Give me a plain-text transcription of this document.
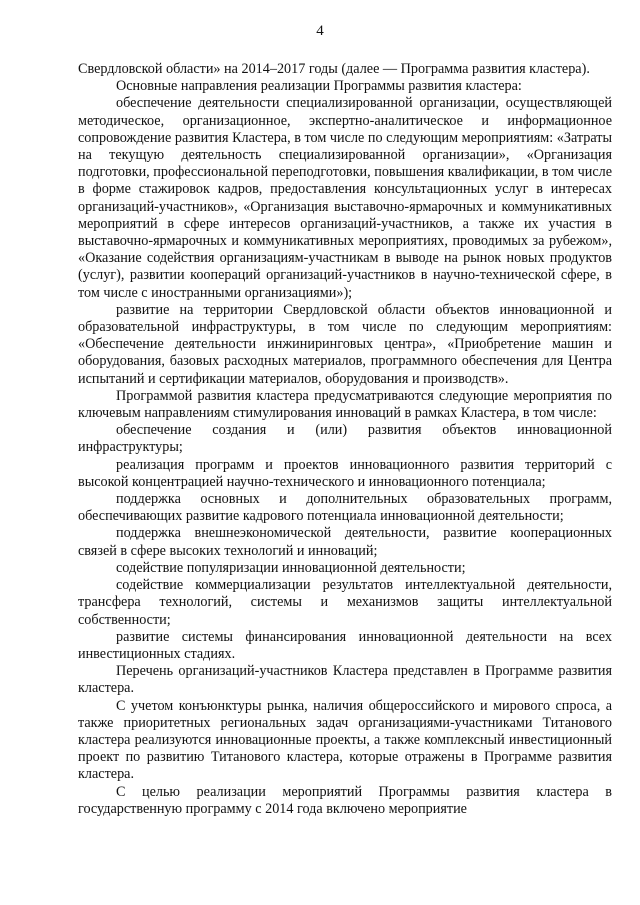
4

Свердловской области» на 2014–2017 годы (далее — Программа развития кластера).

Основные направления реализации Программы развития кластера:

обеспечение деятельности специализированной организации, осуществляющей методическое, организационное, экспертно-аналитическое и информационное сопровождение развития Кластера, в том числе по следующим мероприятиям: «Затраты на текущую деятельность специализированной организации», «Организация подготовки, профессиональной переподготовки, повышения квалификации, в том числе в форме стажировок кадров, предоставления консультационных услуг в интересах организаций-участников», «Организация выставочно-ярмарочных и коммуникативных мероприятий в сфере интересов организаций-участников, а также их участия в выставочно-ярмарочных и коммуникативных мероприятиях, проводимых за рубежом», «Оказание содействия организациям-участникам в выводе на рынок новых продуктов (услуг), развитии коопераций организаций-участников в научно-технической сфере, в том числе с иностранными организациями»);

развитие на территории Свердловской области объектов инновационной и образовательной инфраструктуры, в том числе по следующим мероприятиям: «Обеспечение деятельности инжиниринговых центра», «Приобретение машин и оборудования, базовых расходных материалов, программного обеспечения для Центра испытаний и сертификации материалов, оборудования и производств».

Программой развития кластера предусматриваются следующие мероприятия по ключевым направлениям стимулирования инноваций в рамках Кластера, в том числе:

обеспечение создания и (или) развития объектов инновационной инфраструктуры;

реализация программ и проектов инновационного развития территорий с высокой концентрацией научно-технического и инновационного потенциала;

поддержка основных и дополнительных образовательных программ, обеспечивающих развитие кадрового потенциала инновационной деятельности;

поддержка внешнеэкономической деятельности, развитие кооперационных связей в сфере высоких технологий и инноваций;

содействие популяризации инновационной деятельности;

содействие коммерциализации результатов интеллектуальной деятельности, трансфера технологий, системы и механизмов защиты интеллектуальной собственности;

развитие системы финансирования инновационной деятельности на всех инвестиционных стадиях.

Перечень организаций-участников Кластера представлен в Программе развития кластера.

С учетом конъюнктуры рынка, наличия общероссийского и мирового спроса, а также приоритетных региональных задач организациями-участниками Титанового кластера реализуются инновационные проекты, а также комплексный инвестиционный проект по развитию Титанового кластера, которые отражены в Программе развития кластера.

С целью реализации мероприятий Программы развития кластера в государственную программу с 2014 года включено мероприятие
